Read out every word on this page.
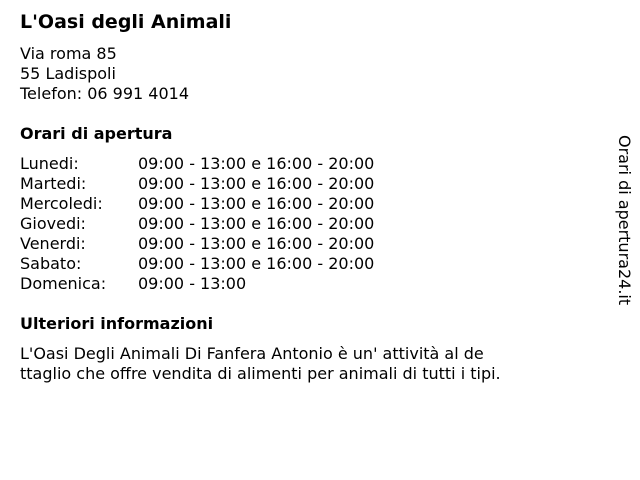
L'Oasi degli Animali
Via roma 85
55 Ladispoli
Telefon: 06 991 4014
Orari di apertura
Lunedi:	09:00 - 13:00 e 16:00 - 20:00
Martedi:	09:00 - 13:00 e 16:00 - 20:00
Mercoledi: 09:00 - 13:00 e 16:00 - 20:00
Giovedi:	09:00 - 13:00 e 16:00 - 20:00
Venerdi:	09:00 - 13:00 e 16:00 - 20:00
Sabato:	09:00 - 13:00 e 16:00 - 20:00
Domenica: 09:00 - 13:00
Ulteriori informazioni
L'Oasi Degli Animali Di Fanfera Antonio è un' attività al de
ttaglio che offre vendita di alimenti per animali di tutti i tipi.
Orari di apertura24.it
